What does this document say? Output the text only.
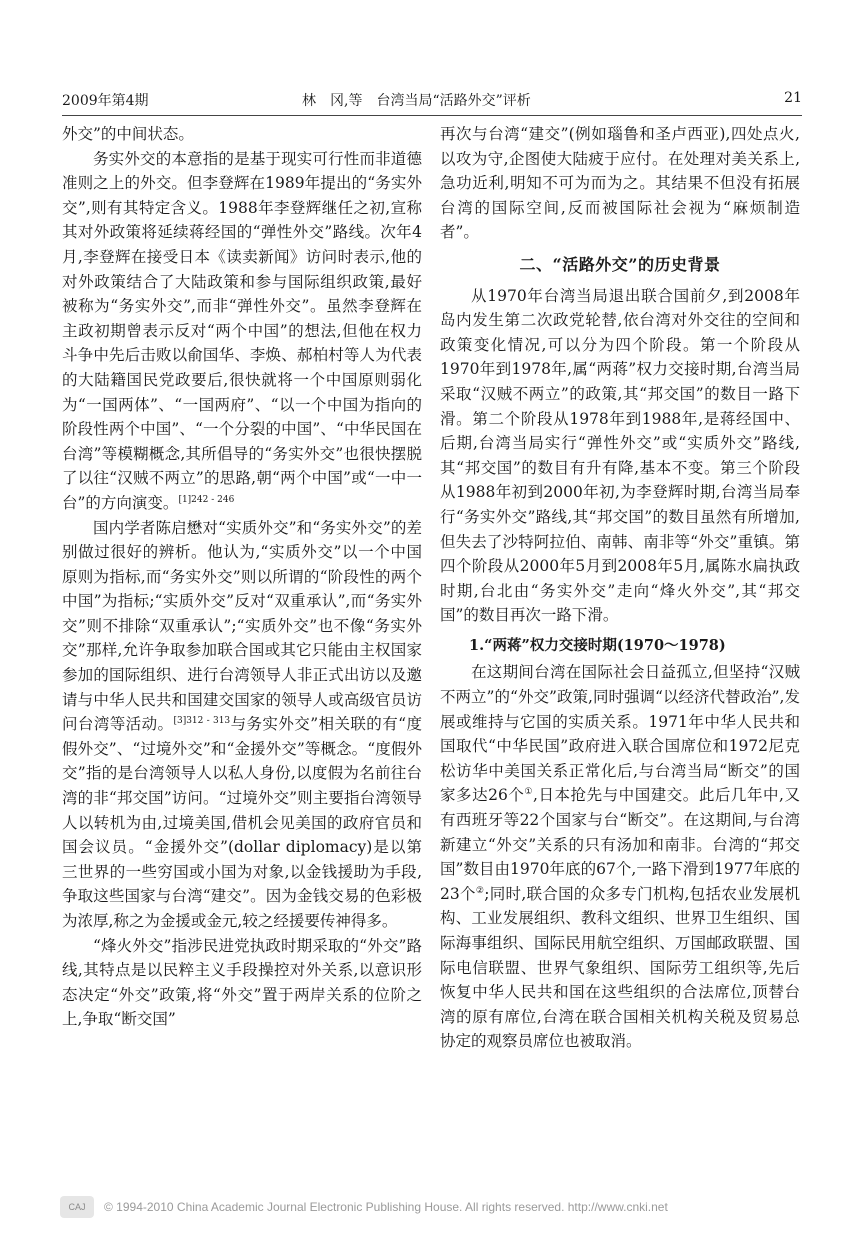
2009年第4期	林　冈,等　台湾当局“活路外交”评析	21

外交”的中间状态。

务实外交的本意指的是基于现实可行性而非道德准则之上的外交。但李登辉在1989年提出的“务实外交”,则有其特定含义。1988年李登辉继任之初,宣称其对外政策将延续蒋经国的“弹性外交”路线。次年4月,李登辉在接受日本《读卖新闻》访问时表示,他的对外政策结合了大陆政策和参与国际组织政策,最好被称为“务实外交”,而非“弹性外交”。虽然李登辉在主政初期曾表示反对“两个中国”的想法,但他在权力斗争中先后击败以俞国华、李焕、郝柏村等人为代表的大陆籍国民党政要后,很快就将一个中国原则弱化为“一国两体”、“一国两府”、“以一个中国为指向的阶段性两个中国”、“一个分裂的中国”、“中华民国在台湾”等模糊概念,其所倡导的“务实外交”也很快摆脱了以往“汉贼不两立”的思路,朝“两个中国”或“一中一台”的方向演变。$^{[1]242 - 246}$

国内学者陈启懋对“实质外交”和“务实外交”的差别做过很好的辨析。他认为,“实质外交”以一个中国原则为指标,而“务实外交”则以所谓的“阶段性的两个中国”为指标;“实质外交”反对“双重承认”,而“务实外交”则不排除“双重承认”;“实质外交”也不像“务实外交”那样,允许争取参加联合国或其它只能由主权国家参加的国际组织、进行台湾领导人非正式出访以及邀请与中华人民共和国建交国家的领导人或高级官员访问台湾等活动。$^{[3]312 - 313}$与务实外交”相关联的有“度假外交”、“过境外交”和“金援外交”等概念。“度假外交”指的是台湾领导人以私人身份,以度假为名前往台湾的非“邦交国”访问。“过境外交”则主要指台湾领导人以转机为由,过境美国,借机会见美国的政府官员和国会议员。“金援外交”(dollar diplomacy)是以第三世界的一些穷国或小国为对象,以金钱援助为手段,争取这些国家与台湾“建交”。因为金钱交易的色彩极为浓厚,称之为金援或金元,较之经援要传神得多。

“烽火外交”指涉民进党执政时期采取的“外交”路线,其特点是以民粹主义手段操控对外关系,以意识形态决定“外交”政策,将“外交”置于两岸关系的位阶之上,争取“断交国”

再次与台湾“建交”(例如瑙鲁和圣卢西亚),四处点火,以攻为守,企图使大陆疲于应付。在处理对美关系上,急功近利,明知不可为而为之。其结果不但没有拓展台湾的国际空间,反而被国际社会视为“麻烦制造者”。

二、“活路外交”的历史背景

从1970年台湾当局退出联合国前夕,到2008年岛内发生第二次政党轮替,依台湾对外交往的空间和政策变化情况,可以分为四个阶段。第一个阶段从1970年到1978年,属“两蒋”权力交接时期,台湾当局采取“汉贼不两立”的政策,其“邦交国”的数目一路下滑。第二个阶段从1978年到1988年,是蒋经国中、后期,台湾当局实行“弹性外交”或“实质外交”路线,其“邦交国”的数目有升有降,基本不变。第三个阶段从1988年初到2000年初,为李登辉时期,台湾当局奉行“务实外交”路线,其“邦交国”的数目虽然有所增加,但失去了沙特阿拉伯、南韩、南非等“外交”重镇。第四个阶段从2000年5月到2008年5月,属陈水扁执政时期,台北由“务实外交”走向“烽火外交”,其“邦交国”的数目再次一路下滑。

1.“两蒋”权力交接时期(1970～1978)

在这期间台湾在国际社会日益孤立,但坚持“汉贼不两立”的“外交”政策,同时强调“以经济代替政治”,发展或维持与它国的实质关系。1971年中华人民共和国取代“中华民国”政府进入联合国席位和1972尼克松访华中美国关系正常化后,与台湾当局“断交”的国家多达26个①,日本抢先与中国建交。此后几年中,又有西班牙等22个国家与台“断交”。在这期间,与台湾新建立“外交”关系的只有汤加和南非。台湾的“邦交国”数目由1970年底的67个,一路下滑到1977年底的23个②;同时,联合国的众多专门机构,包括农业发展机构、工业发展组织、教科文组织、世界卫生组织、国际海事组织、国际民用航空组织、万国邮政联盟、国际电信联盟、世界气象组织、国际劳工组织等,先后恢复中华人民共和国在这些组织的合法席位,顶替台湾的原有席位,台湾在联合国相关机构关税及贸易总协定的观察员席位也被取消。

CAJ	© 1994-2010 China Academic Journal Electronic Publishing House. All rights reserved. http://www.cnki.net
